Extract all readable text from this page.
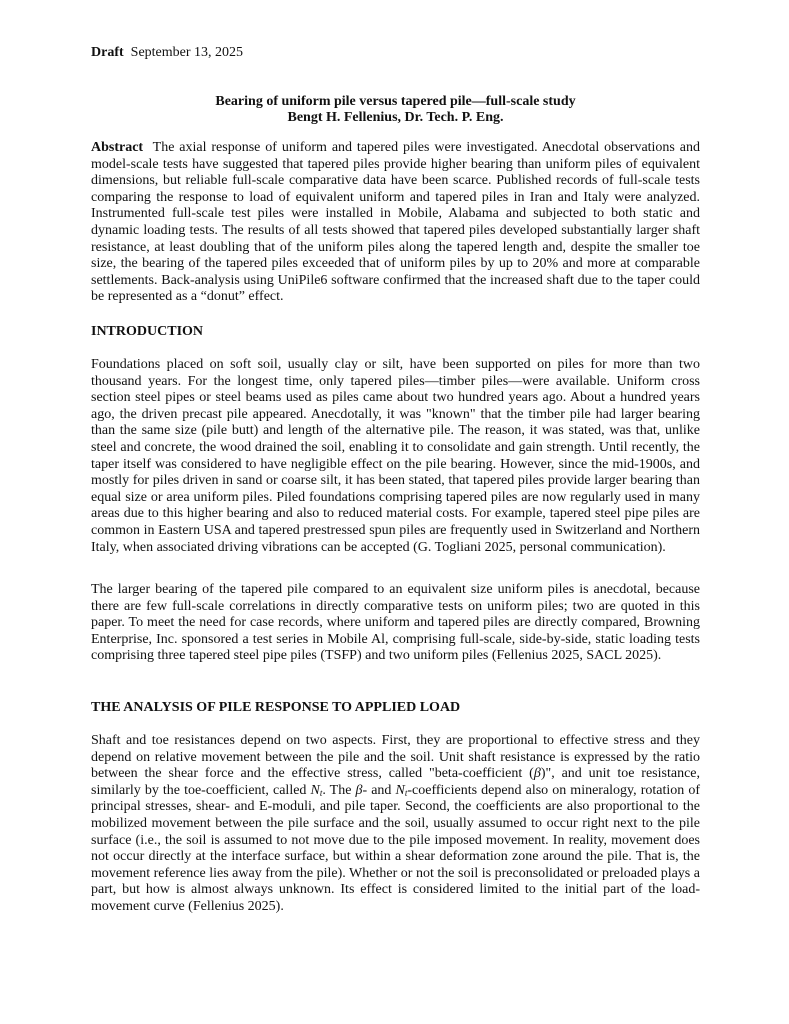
Draft September 13, 2025
Bearing of uniform pile versus tapered pile—full-scale study
Bengt H. Fellenius, Dr. Tech. P. Eng.
Abstract The axial response of uniform and tapered piles were investigated. Anecdotal observations and model-scale tests have suggested that tapered piles provide higher bearing than uniform piles of equivalent dimensions, but reliable full-scale comparative data have been scarce. Published records of full-scale tests comparing the response to load of equivalent uniform and tapered piles in Iran and Italy were analyzed. Instrumented full-scale test piles were installed in Mobile, Alabama and subjected to both static and dynamic loading tests. The results of all tests showed that tapered piles developed substantially larger shaft resistance, at least doubling that of the uniform piles along the tapered length and, despite the smaller toe size, the bearing of the tapered piles exceeded that of uniform piles by up to 20% and more at comparable settlements. Back-analysis using UniPile6 software confirmed that the increased shaft due to the taper could be represented as a “donut” effect.
INTRODUCTION
Foundations placed on soft soil, usually clay or silt, have been supported on piles for more than two thousand years. For the longest time, only tapered piles—timber piles—were available. Uniform cross section steel pipes or steel beams used as piles came about two hundred years ago. About a hundred years ago, the driven precast pile appeared. Anecdotally, it was "known" that the timber pile had larger bearing than the same size (pile butt) and length of the alternative pile. The reason, it was stated, was that, unlike steel and concrete, the wood drained the soil, enabling it to consolidate and gain strength. Until recently, the taper itself was considered to have negligible effect on the pile bearing. However, since the mid-1900s, and mostly for piles driven in sand or coarse silt, it has been stated, that tapered piles provide larger bearing than equal size or area uniform piles. Piled foundations comprising tapered piles are now regularly used in many areas due to this higher bearing and also to reduced material costs. For example, tapered steel pipe piles are common in Eastern USA and tapered prestressed spun piles are frequently used in Switzerland and Northern Italy, when associated driving vibrations can be accepted (G. Togliani 2025, personal communication).
The larger bearing of the tapered pile compared to an equivalent size uniform piles is anecdotal, because there are few full-scale correlations in directly comparative tests on uniform piles; two are quoted in this paper. To meet the need for case records, where uniform and tapered piles are directly compared, Browning Enterprise, Inc. sponsored a test series in Mobile Al, comprising full-scale, side-by-side, static loading tests comprising three tapered steel pipe piles (TSFP) and two uniform piles (Fellenius 2025, SACL 2025).
THE ANALYSIS OF PILE RESPONSE TO APPLIED LOAD
Shaft and toe resistances depend on two aspects. First, they are proportional to effective stress and they depend on relative movement between the pile and the soil. Unit shaft resistance is expressed by the ratio between the shear force and the effective stress, called "beta-coefficient (β)", and unit toe resistance, similarly by the toe-coefficient, called $N_t$. The β- and $N_t$-coefficients depend also on mineralogy, rotation of principal stresses, shear- and E-moduli, and pile taper. Second, the coefficients are also proportional to the mobilized movement between the pile surface and the soil, usually assumed to occur right next to the pile surface (i.e., the soil is assumed to not move due to the pile imposed movement. In reality, movement does not occur directly at the interface surface, but within a shear deformation zone around the pile. That is, the movement reference lies away from the pile). Whether or not the soil is preconsolidated or preloaded plays a part, but how is almost always unknown. Its effect is considered limited to the initial part of the load-movement curve (Fellenius 2025).
